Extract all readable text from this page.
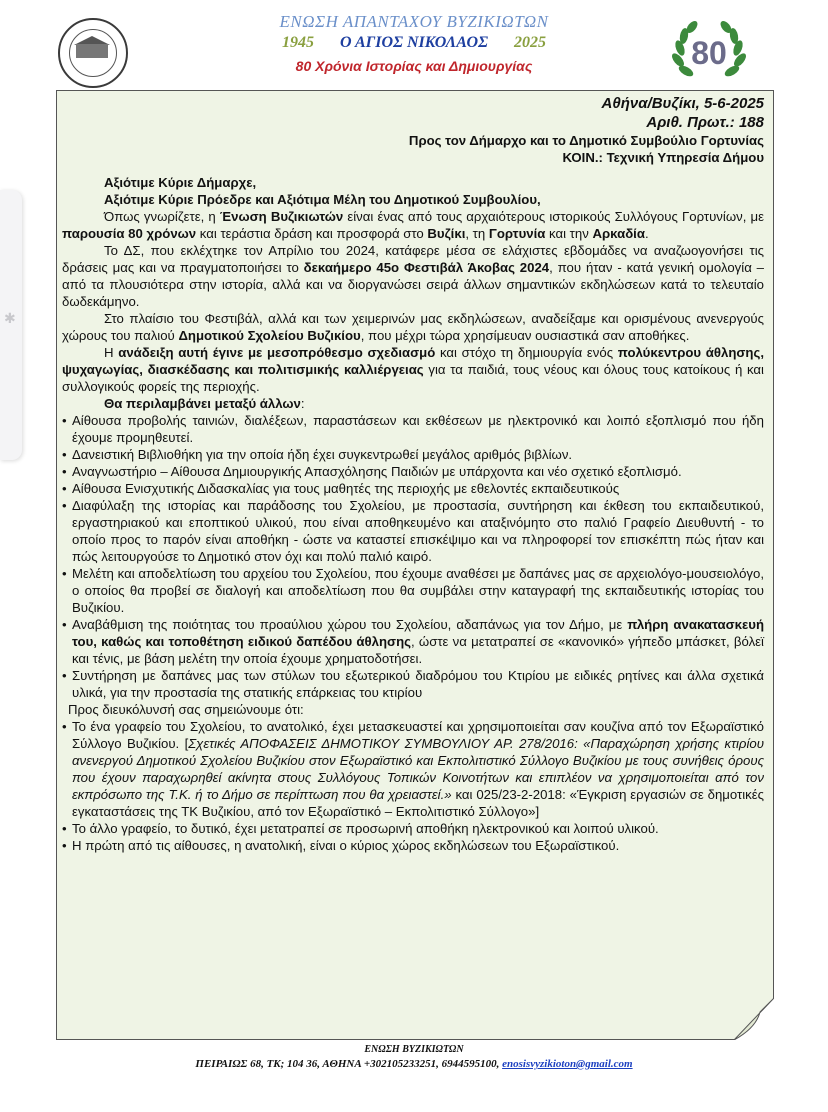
✱
ΕΝΩΣΗ ΑΠΑΝΤΑΧΟΥ ΒΥΖΙΚΙΩΤΩΝ
1945 Ο ΑΓΙΟΣ ΝΙΚΟΛΑΟΣ 2025
80 Χρόνια Ιστορίας και Δημιουργίας	80
Αθήνα/Βυζίκι, 5-6-2025
Αριθ. Πρωτ.: 188
Προς τον Δήμαρχο και το Δημοτικό Συμβούλιο Γορτυνίας
ΚΟΙΝ.: Τεχνική Υπηρεσία Δήμου
Αξιότιμε Κύριε Δήμαρχε,
Αξιότιμε Κύριε Πρόεδρε και Αξιότιμα Μέλη του Δημοτικού Συμβουλίου,

Όπως γνωρίζετε, η Ένωση Βυζικιωτών είναι ένας από τους αρχαιότερους ιστορικούς Συλλόγους Γορτυνίων, με παρουσία 80 χρόνων και τεράστια δράση και προσφορά στο Βυζίκι, τη Γορτυνία και την Αρκαδία.

Το ΔΣ, που εκλέχτηκε τον Απρίλιο του 2024, κατάφερε μέσα σε ελάχιστες εβδομάδες να αναζωογονήσει τις δράσεις μας και να πραγματοποιήσει το δεκαήμερο 45ο Φεστιβάλ Άκοβας 2024, που ήταν - κατά γενική ομολογία – από τα πλουσιότερα στην ιστορία, αλλά και να διοργανώσει σειρά άλλων σημαντικών εκδηλώσεων κατά το τελευταίο δωδεκάμηνο.

Στο πλαίσιο του Φεστιβάλ, αλλά και των χειμερινών μας εκδηλώσεων, αναδείξαμε και ορισμένους ανενεργούς χώρους του παλιού Δημοτικού Σχολείου Βυζικίου, που μέχρι τώρα χρησίμευαν ουσιαστικά σαν αποθήκες.

Η ανάδειξη αυτή έγινε με μεσοπρόθεσμο σχεδιασμό και στόχο τη δημιουργία ενός πολύκεντρου άθλησης, ψυχαγωγίας, διασκέδασης και πολιτισμικής καλλιέργειας για τα παιδιά, τους νέους και όλους τους κατοίκους ή και συλλογικούς φορείς της περιοχής.

Θα περιλαμβάνει μεταξύ άλλων:

• Αίθουσα προβολής ταινιών, διαλέξεων, παραστάσεων και εκθέσεων με ηλεκτρονικό και λοιπό εξοπλισμό που ήδη έχουμε προμηθευτεί.
• Δανειστική Βιβλιοθήκη για την οποία ήδη έχει συγκεντρωθεί μεγάλος αριθμός βιβλίων.
• Αναγνωστήριο – Αίθουσα Δημιουργικής Απασχόλησης Παιδιών με υπάρχοντα και νέο σχετικό εξοπλισμό.
• Αίθουσα Ενισχυτικής Διδασκαλίας για τους μαθητές της περιοχής με εθελοντές εκπαιδευτικούς
• Διαφύλαξη της ιστορίας και παράδοσης του Σχολείου, με προστασία, συντήρηση και έκθεση του εκπαιδευτικού, εργαστηριακού και εποπτικού υλικού, που είναι αποθηκευμένο και αταξινόμητο στο παλιό Γραφείο Διευθυντή - το οποίο προς το παρόν είναι αποθήκη - ώστε να καταστεί επισκέψιμο και να πληροφορεί τον επισκέπτη πώς ήταν και πώς λειτουργούσε το Δημοτικό στον όχι και πολύ παλιό καιρό.
• Μελέτη και αποδελτίωση του αρχείου του Σχολείου, που έχουμε αναθέσει με δαπάνες μας σε αρχειολόγο-μουσειολόγο, ο οποίος θα προβεί σε διαλογή και αποδελτίωση που θα συμβάλει στην καταγραφή της εκπαιδευτικής ιστορίας του Βυζικίου.
• Αναβάθμιση της ποιότητας του προαύλιου χώρου του Σχολείου, αδαπάνως για τον Δήμο, με πλήρη ανακατασκευή του, καθώς και τοποθέτηση ειδικού δαπέδου άθλησης, ώστε να μετατραπεί σε «κανονικό» γήπεδο μπάσκετ, βόλεϊ και τένις, με βάση μελέτη την οποία έχουμε χρηματοδοτήσει.
• Συντήρηση με δαπάνες μας των στύλων του εξωτερικού διαδρόμου του Κτιρίου με ειδικές ρητίνες και άλλα σχετικά υλικά, για την προστασία της στατικής επάρκειας του κτιρίου

Προς διευκόλυνσή σας σημειώνουμε ότι:

• Το ένα γραφείο του Σχολείου, το ανατολικό, έχει μετασκευαστεί και χρησιμοποιείται σαν κουζίνα από τον Εξωραϊστικό Σύλλογο Βυζικίου. [Σχετικές ΑΠΟΦΑΣΕΙΣ ΔΗΜΟΤΙΚΟΥ ΣΥΜΒΟΥΛΙΟΥ ΑΡ. 278/2016: «Παραχώρηση χρήσης κτιρίου ανενεργού Δημοτικού Σχολείου Βυζικίου στον Εξωραϊστικό και Εκπολιτιστικό Σύλλογο Βυζικίου με τους συνήθεις όρους που έχουν παραχωρηθεί ακίνητα στους Συλλόγους Τοπικών Κοινοτήτων και επιπλέον να χρησιμοποιείται από τον εκπρόσωπο της Τ.Κ. ή το Δήμο σε περίπτωση που θα χρειαστεί.» και 025/23-2-2018: «Έγκριση εργασιών σε δημοτικές εγκαταστάσεις της ΤΚ Βυζικίου, από τον Εξωραϊστικό – Εκπολιτιστικό Σύλλογο»]
• Το άλλο γραφείο, το δυτικό, έχει μετατραπεί σε προσωρινή αποθήκη ηλεκτρονικού και λοιπού υλικού.
• Η πρώτη από τις αίθουσες, η ανατολική, είναι ο κύριος χώρος εκδηλώσεων του Εξωραϊστικού.
ΕΝΩΣΗ ΒΥΖΙΚΙΩΤΩΝ
ΠΕΙΡΑΙΩΣ 68, ΤΚ; 104 36, ΑΘΗΝΑ +302105233251, 6944595100, enosisvyzikioton@gmail.com
